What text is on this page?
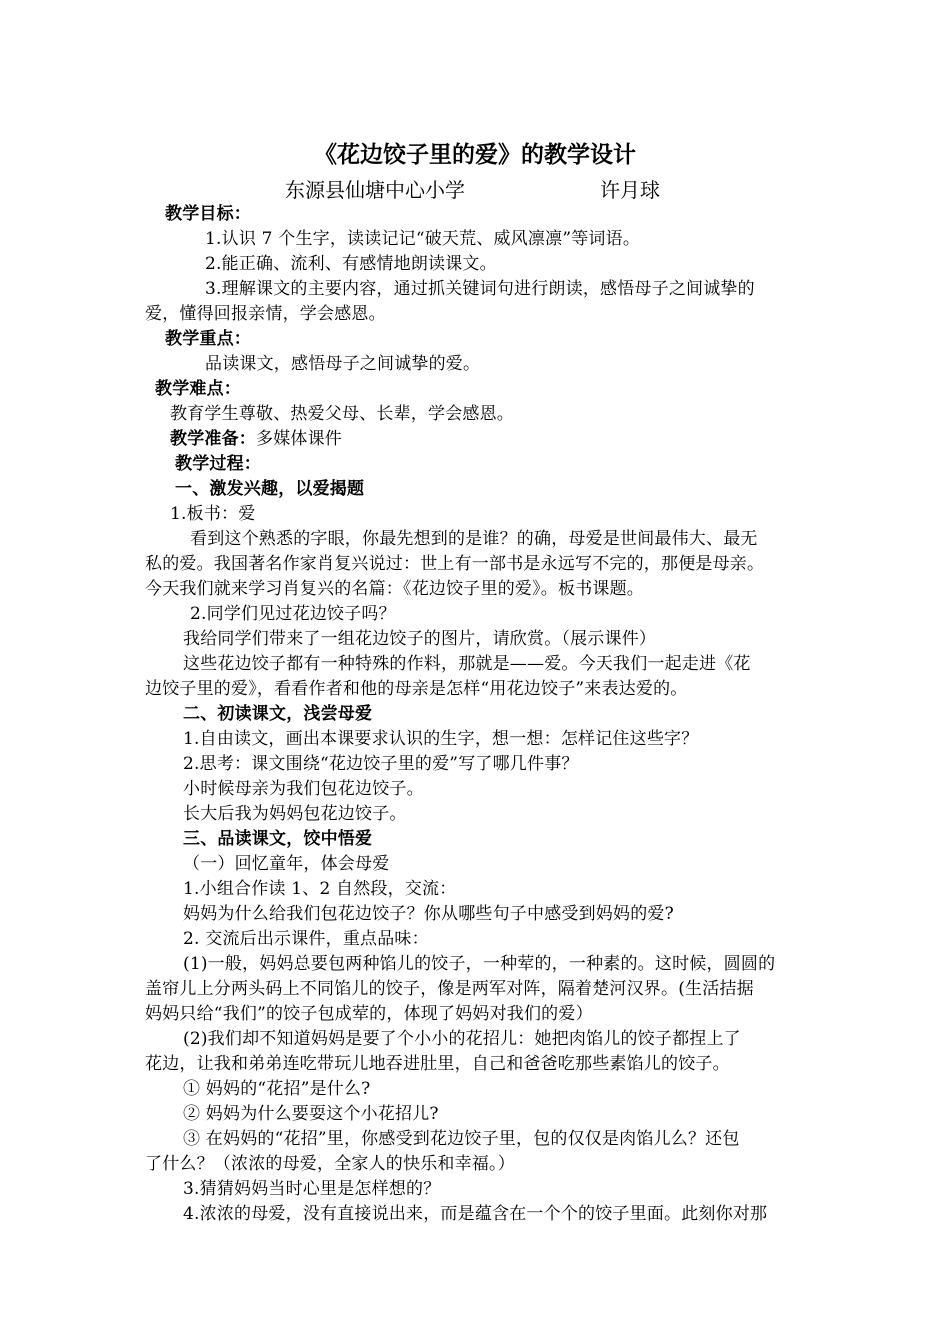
《花边饺子里的爱》的教学设计
东源县仙塘中心小学	许月球
教学目标：
1.认识 7 个生字，读读记记“破天荒、威风凛凛”等词语。
2.能正确、流利、有感情地朗读课文。
3.理解课文的主要内容，通过抓关键词句进行朗读，感悟母子之间诚挚的
爱，懂得回报亲情，学会感恩。
教学重点：
品读课文，感悟母子之间诚挚的爱。
教学难点：
教育学生尊敬、热爱父母、长辈，学会感恩。
教学准备：多媒体课件
教学过程：
一、激发兴趣，以爱揭题
1.板书：爱
看到这个熟悉的字眼，你最先想到的是谁？的确，母爱是世间最伟大、最无
私的爱。我国著名作家肖复兴说过：世上有一部书是永远写不完的，那便是母亲。
今天我们就来学习肖复兴的名篇：《花边饺子里的爱》。板书课题。
2.同学们见过花边饺子吗？
我给同学们带来了一组花边饺子的图片，请欣赏。（展示课件）
这些花边饺子都有一种特殊的作料，那就是——爱。今天我们一起走进《花
边饺子里的爱》，看看作者和他的母亲是怎样“用花边饺子”来表达爱的。
二、初读课文，浅尝母爱
1.自由读文，画出本课要求认识的生字，想一想：怎样记住这些字？
2.思考：课文围绕“花边饺子里的爱”写了哪几件事？
小时候母亲为我们包花边饺子。
长大后我为妈妈包花边饺子。
三、品读课文，饺中悟爱
（一）回忆童年，体会母爱
1.小组合作读 1、2 自然段，交流：
妈妈为什么给我们包花边饺子？你从哪些句子中感受到妈妈的爱?
2. 交流后出示课件，重点品味：
(1)一般，妈妈总要包两种馅儿的饺子，一种荤的，一种素的。这时候，圆圆的
盖帘儿上分两头码上不同馅儿的饺子，像是两军对阵，隔着楚河汉界。(生活拮据
妈妈只给“我们”的饺子包成荤的，体现了妈妈对我们的爱）
(2)我们却不知道妈妈是要了个小小的花招儿：她把肉馅儿的饺子都捏上了
花边，让我和弟弟连吃带玩儿地吞进肚里，自己和爸爸吃那些素馅儿的饺子。
① 妈妈的“花招”是什么?
② 妈妈为什么要耍这个小花招儿?
③ 在妈妈的“花招”里，你感受到花边饺子里，包的仅仅是肉馅儿么？还包
了什么？（浓浓的母爱，全家人的快乐和幸福。）
3.猜猜妈妈当时心里是怎样想的？
4.浓浓的母爱，没有直接说出来，而是蕴含在一个个的饺子里面。此刻你对那
